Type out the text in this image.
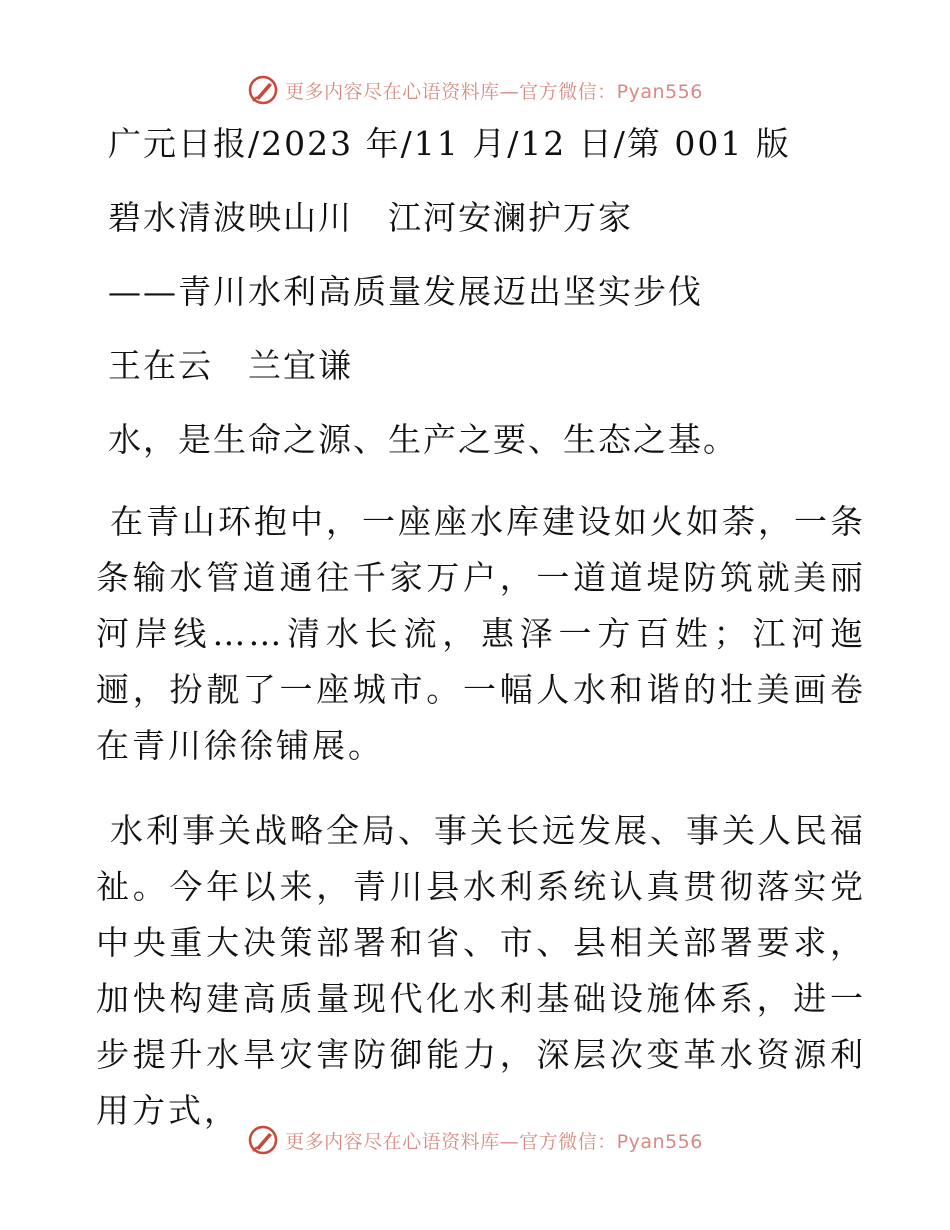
更多内容尽在心语资料库—官方微信：Pyan556
广元日报/2023 年/11 月/12 日/第 001 版
碧水清波映山川　江河安澜护万家
——青川水利高质量发展迈出坚实步伐
王在云　兰宜谦
水，是生命之源、生产之要、生态之基。
在青山环抱中，一座座水库建设如火如荼，一条条输水管道通往千家万户，一道道堤防筑就美丽河岸线……清水长流，惠泽一方百姓；江河迤逦，扮靓了一座城市。一幅人水和谐的壮美画卷在青川徐徐铺展。
水利事关战略全局、事关长远发展、事关人民福祉。今年以来，青川县水利系统认真贯彻落实党中央重大决策部署和省、市、县相关部署要求，加快构建高质量现代化水利基础设施体系，进一步提升水旱灾害防御能力，深层次变革水资源利用方式，
更多内容尽在心语资料库—官方微信：Pyan556
